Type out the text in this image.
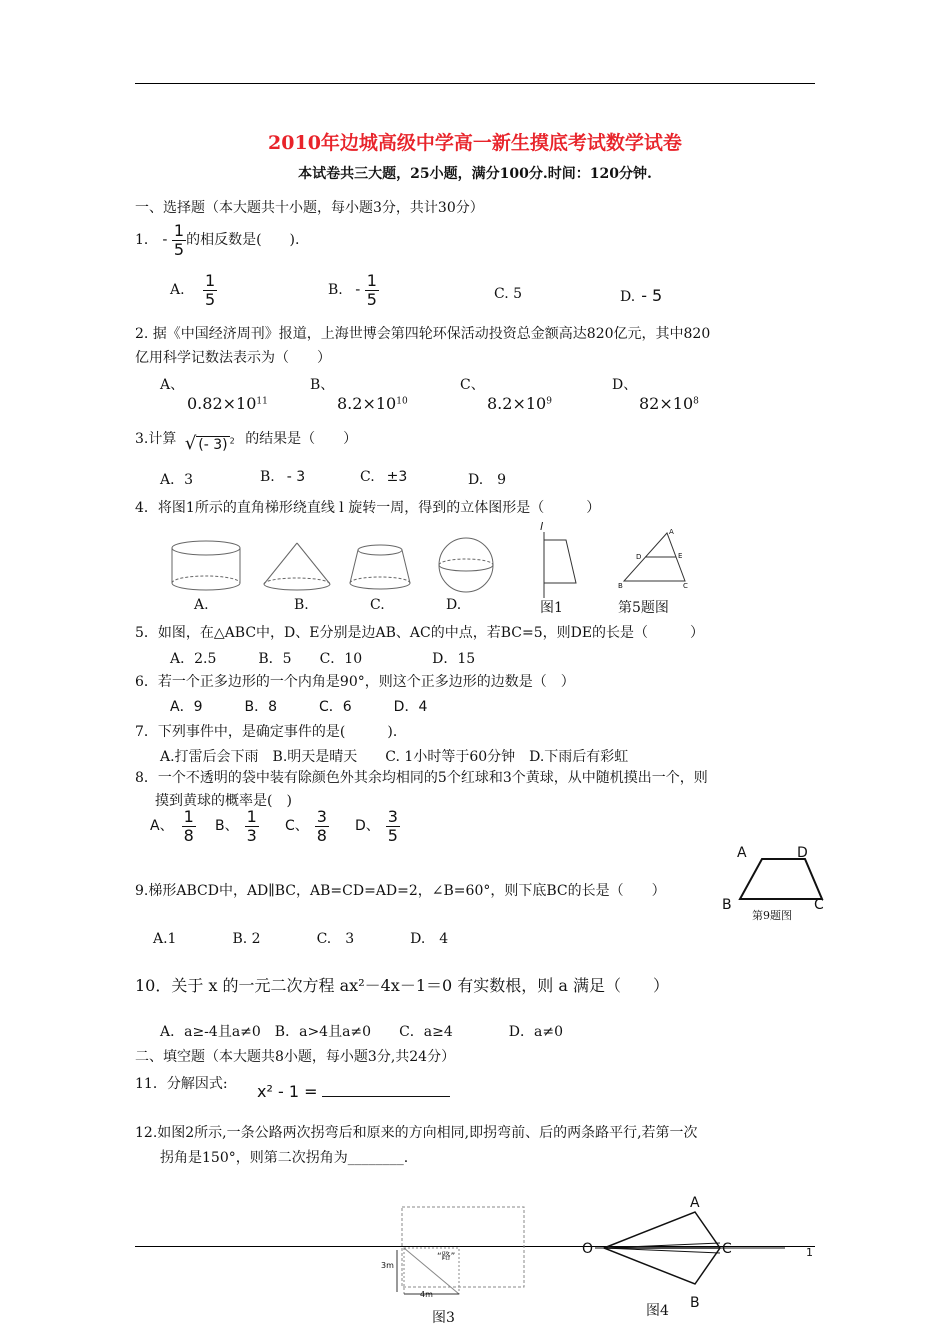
2010年边城高级中学高一新生摸底考试数学试卷
本试卷共三大题，25小题，满分100分.时间：120分钟.
一、选择题（本大题共十小题，每小题3分，共计30分）
1． - $\frac{1}{5}$ 的相反数是(　　).
A. $\frac{1}{5}$	B. - $\frac{1}{5}$	C. 5	D. - 5
2. 据《中国经济周刊》报道，上海世博会第四轮环保活动投资总金额高达820亿元，其中820
亿用科学记数法表示为（　　）
A、
$0.82\times 10^{11}$
B、
$8.2\times 10^{10}$
C、
$8.2\times 10^9$
D、
$82\times 10^8$
3.计算 √ (- 3) $^2$ 的结果是（　　）
A．3	B. - 3	C. ±3	D.　9
4．将图1所示的直角梯形绕直线 l 旋转一周，得到的立体图形是（　　　）
l	A
D	E
B	C
A.	B.	C.	D.	图1	第5题图
5．如图，在△ABC中，D、E分别是边AB、AC的中点，若BC=5，则DE的长是（　　　）
A．2.5　　　B．5　　C．10　　　　　D．15
6．若一个正多边形的一个内角是90°，则这个正多边形的边数是（　）
A．9　　　B．8　　　C．6　　　D．4
7．下列事件中，是确定事件的是(　　　)．
A.打雷后会下雨　B.明天是晴天　　C. 1小时等于60分钟　D.下雨后有彩虹
8．一个不透明的袋中装有除颜色外其余均相同的5个红球和3个黄球，从中随机摸出一个，则
摸到黄球的概率是(　)
A、 $\frac{1}{8}$ B、 $\frac{1}{3}$ C、 $\frac{3}{8}$ D、 $\frac{3}{5}$
9.梯形ABCD中，AD∥BC，AB=CD=AD=2，∠B=60°，则下底BC的长是（　　）
A.1　　　　B. 2　　　　C.　3　　　　D.　4
A	D
B	C
第9题图
10．关于 x 的一元二次方程 ax²－4x－1＝0 有实数根，则 a 满足（　　）
A．a≥-4且a≠0　B．a>4且a≠0　　C．a≥4　　　　D．a≠0
二、填空题（本大题共8小题，每小题3分,共24分）
11．分解因式: x² - 1 =
12.如图2所示,一条公路两次拐弯后和原来的方向相同,即拐弯前、后的两条路平行,若第一次
拐角是150°，则第二次拐角为________.
“路”
3m
4m
图3
A
O	C
B
图4
1
